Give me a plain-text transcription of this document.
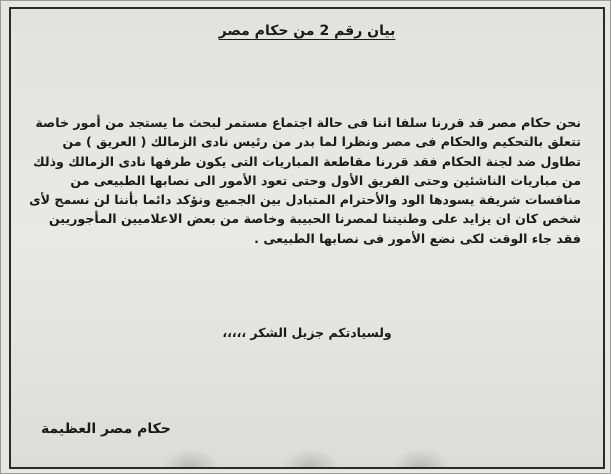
بيان رقم 2 من حكام مصر
نحن حكام مصر قد قررنا سلفا اننا فى حالة اجتماع مستمر لبحث ما يستجد من أمور خاصة
تتعلق بالتحكيم والحكام فى مصر ونظرا لما بدر من رئيس نادى الزمالك ( العريق ) من
تطاول ضد لجنة الحكام فقد قررنا مقاطعة المباريات التى يكون طرفها نادى الزمالك وذلك
من مباريات الناشئين وحتى الفريق الأول وحتى تعود الأمور الى نصابها الطبيعى من
منافسات شريفة يسودها الود والأحترام المتبادل بين الجميع ونؤكد دائما بأننا لن نسمح لأى
شخص كان ان يزايد على وطنيتنا لمصرنا الحبيبة وخاصة من بعض الاعلاميين المأجوريين
فقد جاء الوقت لكى نضع الأمور فى نصابها الطبيعى .
ولسيادتكم جزيل الشكر ،،،،،
حكام مصر العظيمة
